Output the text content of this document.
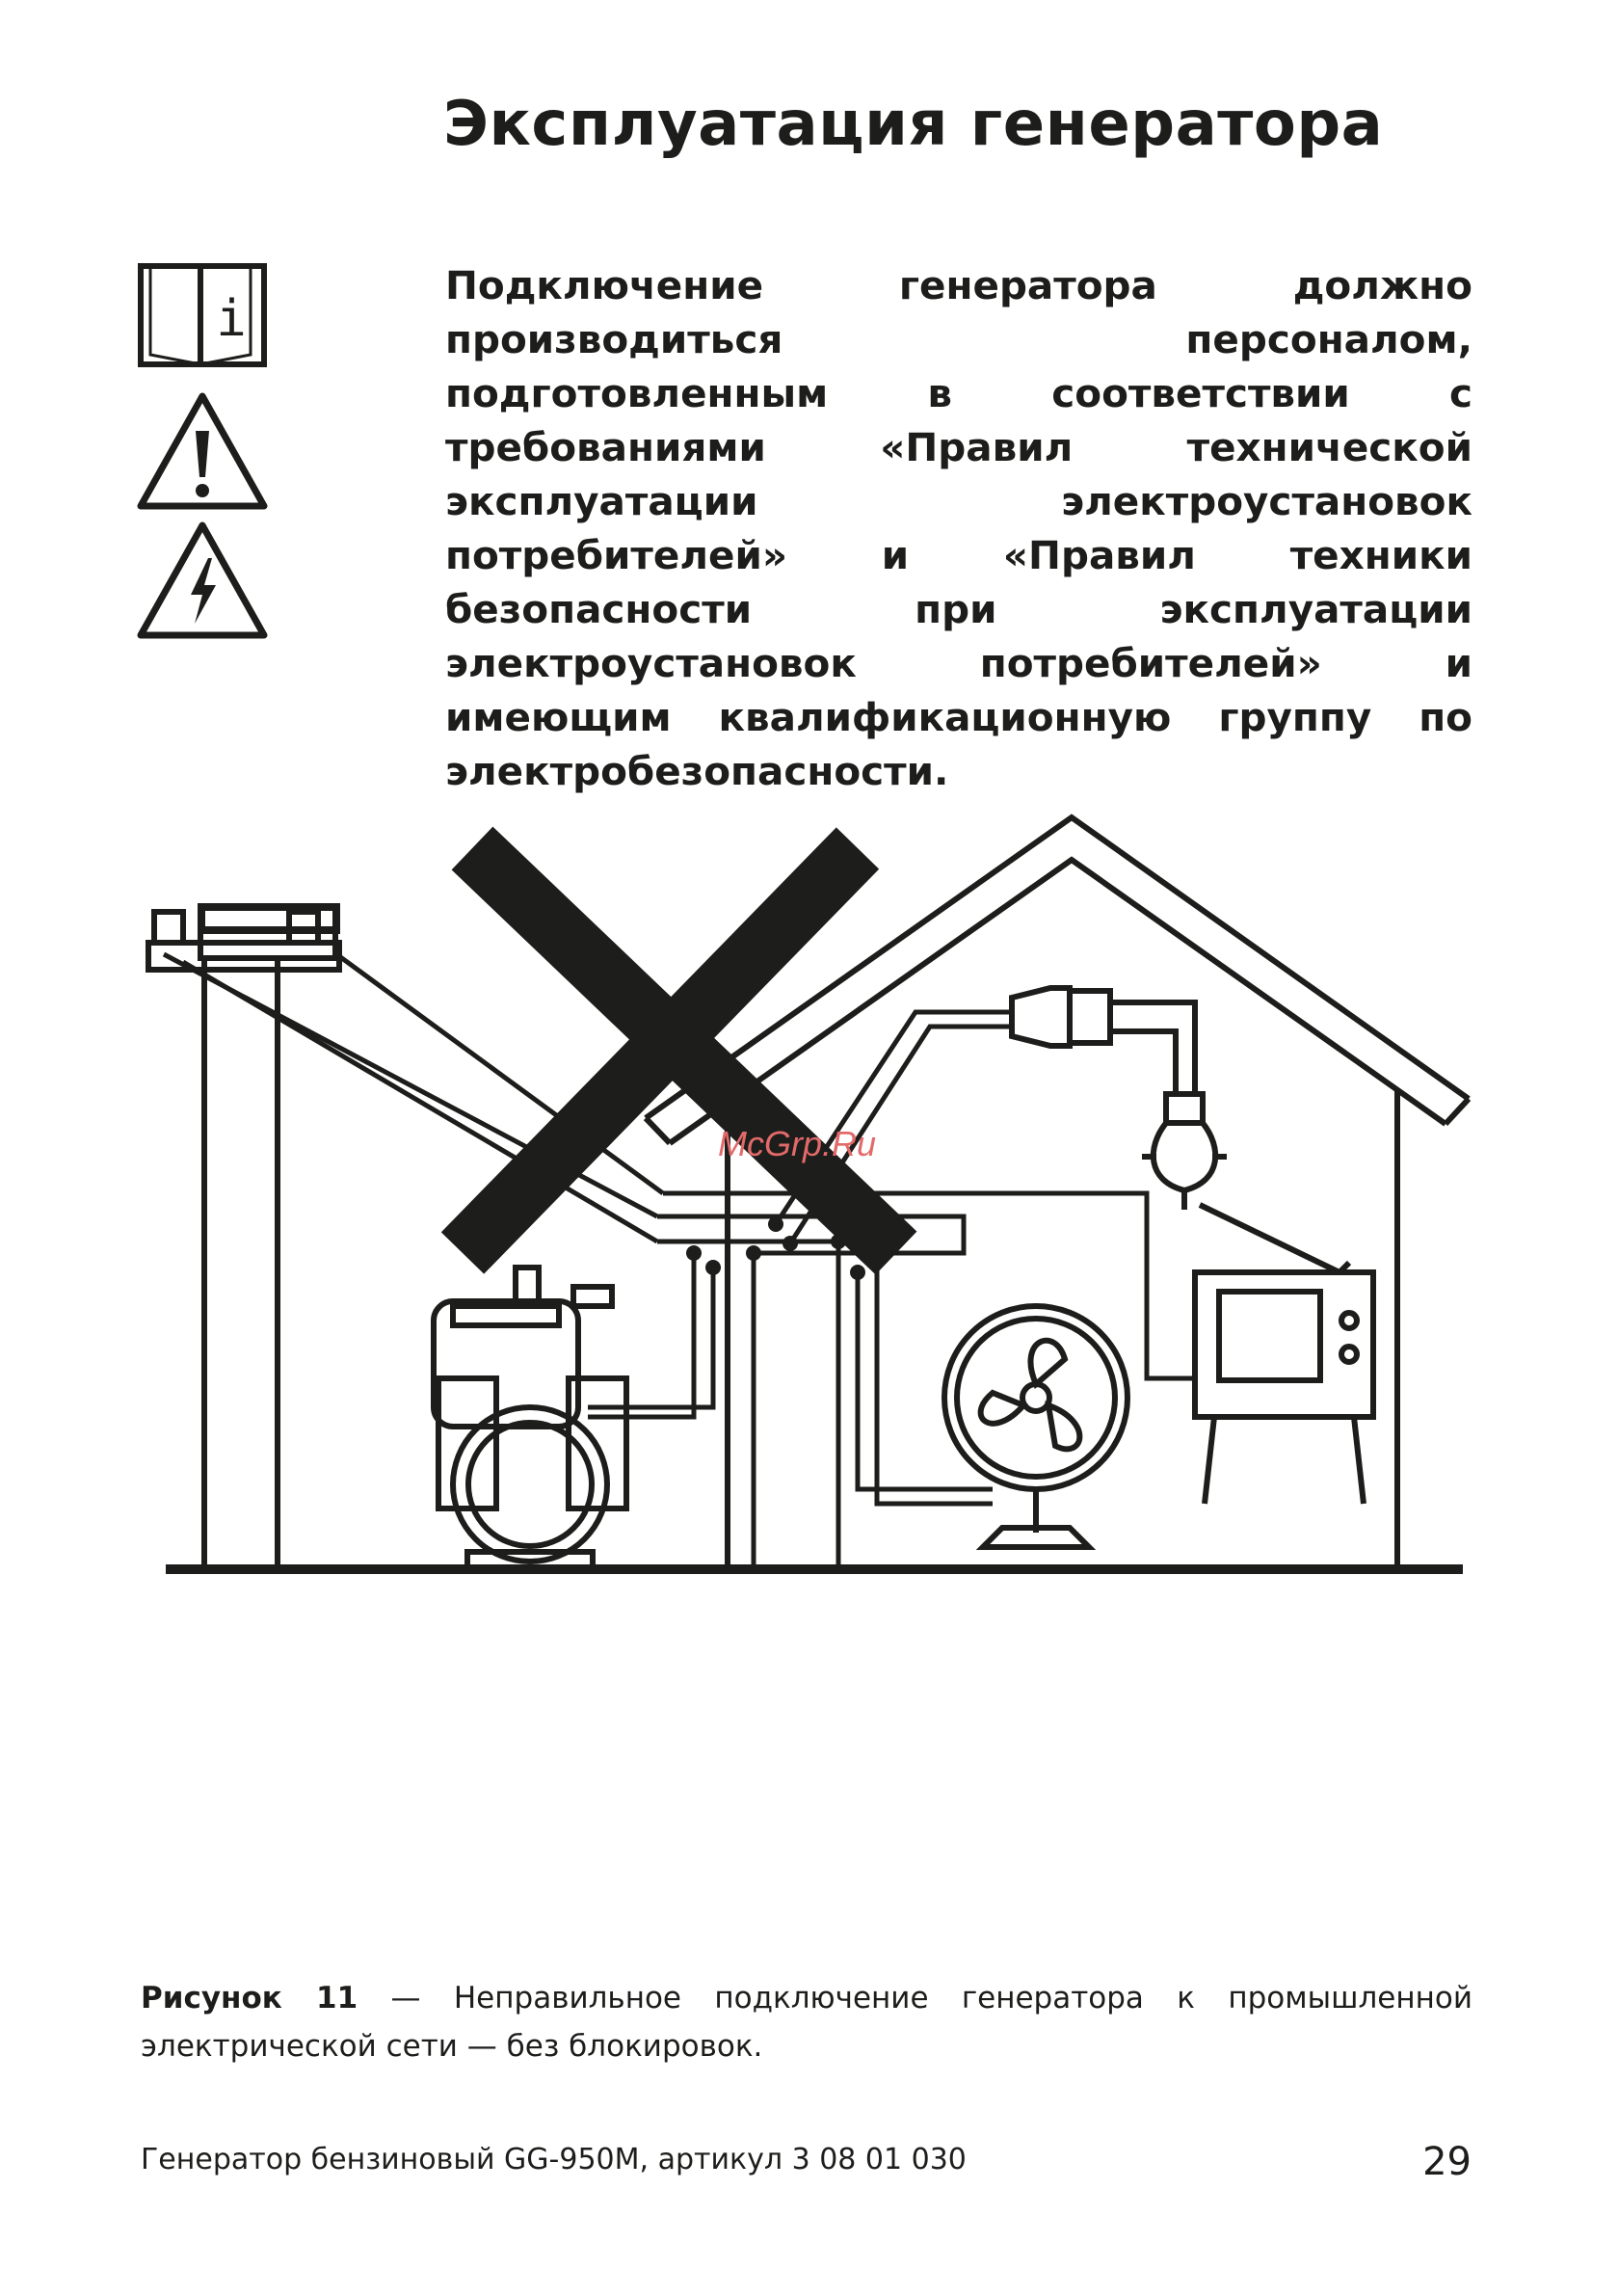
Эксплуатация генератора
i

Подключение генератора должно производиться персоналом, подготовленным в соответствии с требованиями «Правил технической эксплуатации электроустановок потребителей» и «Правил техники безопасности при эксплуатации электроустановок потребителей» и имеющим квалификационную группу по электробезопасности.

McGrp.Ru

Рисунок 11 — Неправильное подключение генератора к промышленной электрической сети — без блокировок.

Генератор бензиновый GG-950M, артикул 3 08 01 030	29
